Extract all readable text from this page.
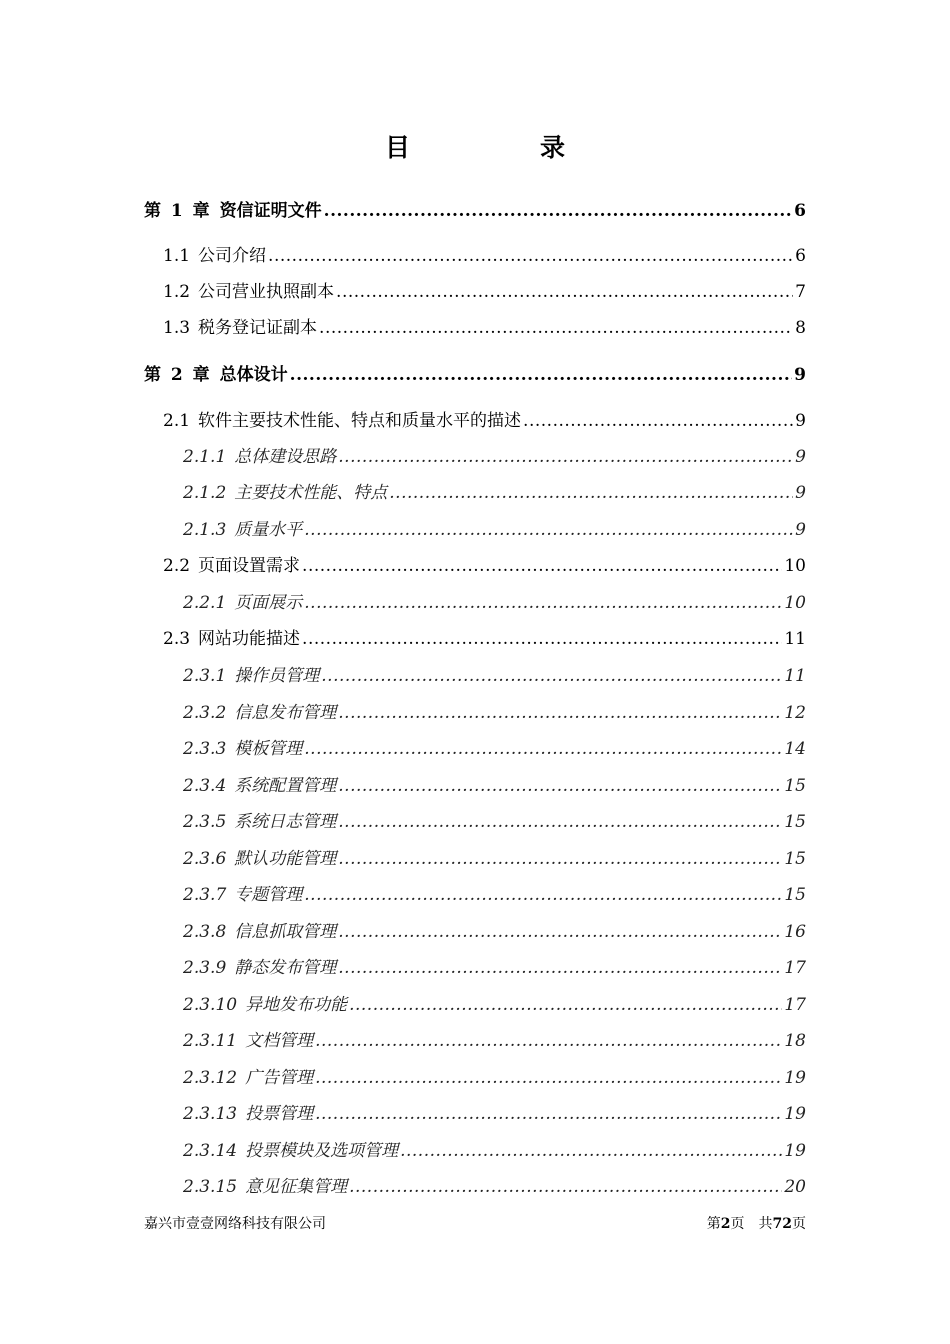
目	录
第 1 章 资信证明文件 .....	6
1.1 公司介绍 .....	6
1.2 公司营业执照副本 .....	7
1.3 税务登记证副本 .....	8
第 2 章 总体设计 .....	9
2.1 软件主要技术性能、特点和质量水平的描述 .....	9
2.1.1 总体建设思路 .....	9
2.1.2 主要技术性能、特点 .....	9
2.1.3 质量水平 .....	9
2.2 页面设置需求 .....	10
2.2.1 页面展示 .....	10
2.3 网站功能描述 .....	11
2.3.1 操作员管理 .....	11
2.3.2 信息发布管理 .....	12
2.3.3 模板管理 .....	14
2.3.4 系统配置管理 .....	15
2.3.5 系统日志管理 .....	15
2.3.6 默认功能管理 .....	15
2.3.7 专题管理 .....	15
2.3.8 信息抓取管理 .....	16
2.3.9 静态发布管理 .....	17
2.3.10 异地发布功能 .....	17
2.3.11 文档管理 .....	18
2.3.12 广告管理 .....	19
2.3.13 投票管理 .....	19
2.3.14 投票模块及选项管理 .....	19
2.3.15 意见征集管理 .....	20
嘉兴市壹壹网络科技有限公司	第2页　共72页
